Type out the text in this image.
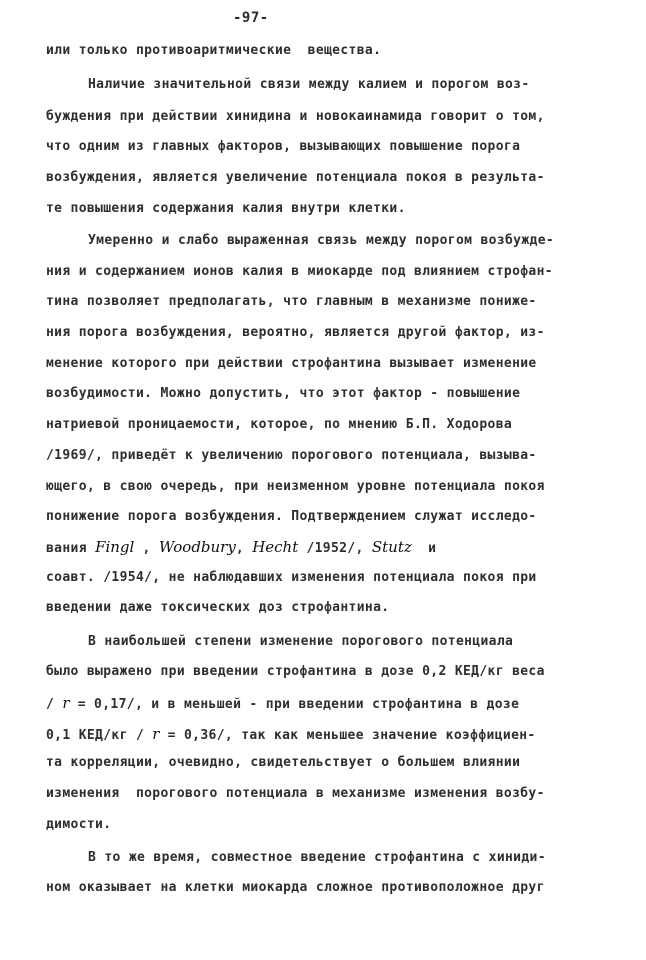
-97-
или только противоаритмические  вещества.
Наличие значительной связи между калием и порогом воз-
буждения при действии хинидина и новокаинамида говорит о том,
что одним из главных факторов, вызывающих повышение порога
возбуждения, является увеличение потенциала покоя в результа-
те повышения содержания калия внутри клетки.
Умеренно и слабо выраженная связь между порогом возбужде-
ния и содержанием ионов калия в миокарде под влиянием строфан-
тина позволяет предполагать, что главным в механизме пониже-
ния порога возбуждения, вероятно, является другой фактор, из-
менение которого при действии строфантина вызывает изменение
возбудимости. Можно допустить, что этот фактор - повышение
натриевой проницаемости, которое, по мнению Б.П. Ходорова
/1969/, приведёт к увеличению порогового потенциала, вызыва-
ющего, в свою очередь, при неизменном уровне потенциала покоя
понижение порога возбуждения. Подтверждением служат исследо-
вания Fingl , Woodbury, Hecht /1952/, Stutz  и
соавт. /1954/, не наблюдавших изменения потенциала покоя при
введении даже токсических доз строфантина.
В наибольшей степени изменение порогового потенциала
было выражено при введении строфантина в дозе 0,2 КЕД/кг веса
/ r = 0,17/, и в меньшей - при введении строфантина в дозе
0,1 КЕД/кг / r = 0,36/, так как меньшее значение коэффициен-
та корреляции, очевидно, свидетельствует о большем влиянии
изменения  порогового потенциала в механизме изменения возбу-
димости.
В то же время, совместное введение строфантина с хиниди-
ном оказывает на клетки миокарда сложное противоположное друг
